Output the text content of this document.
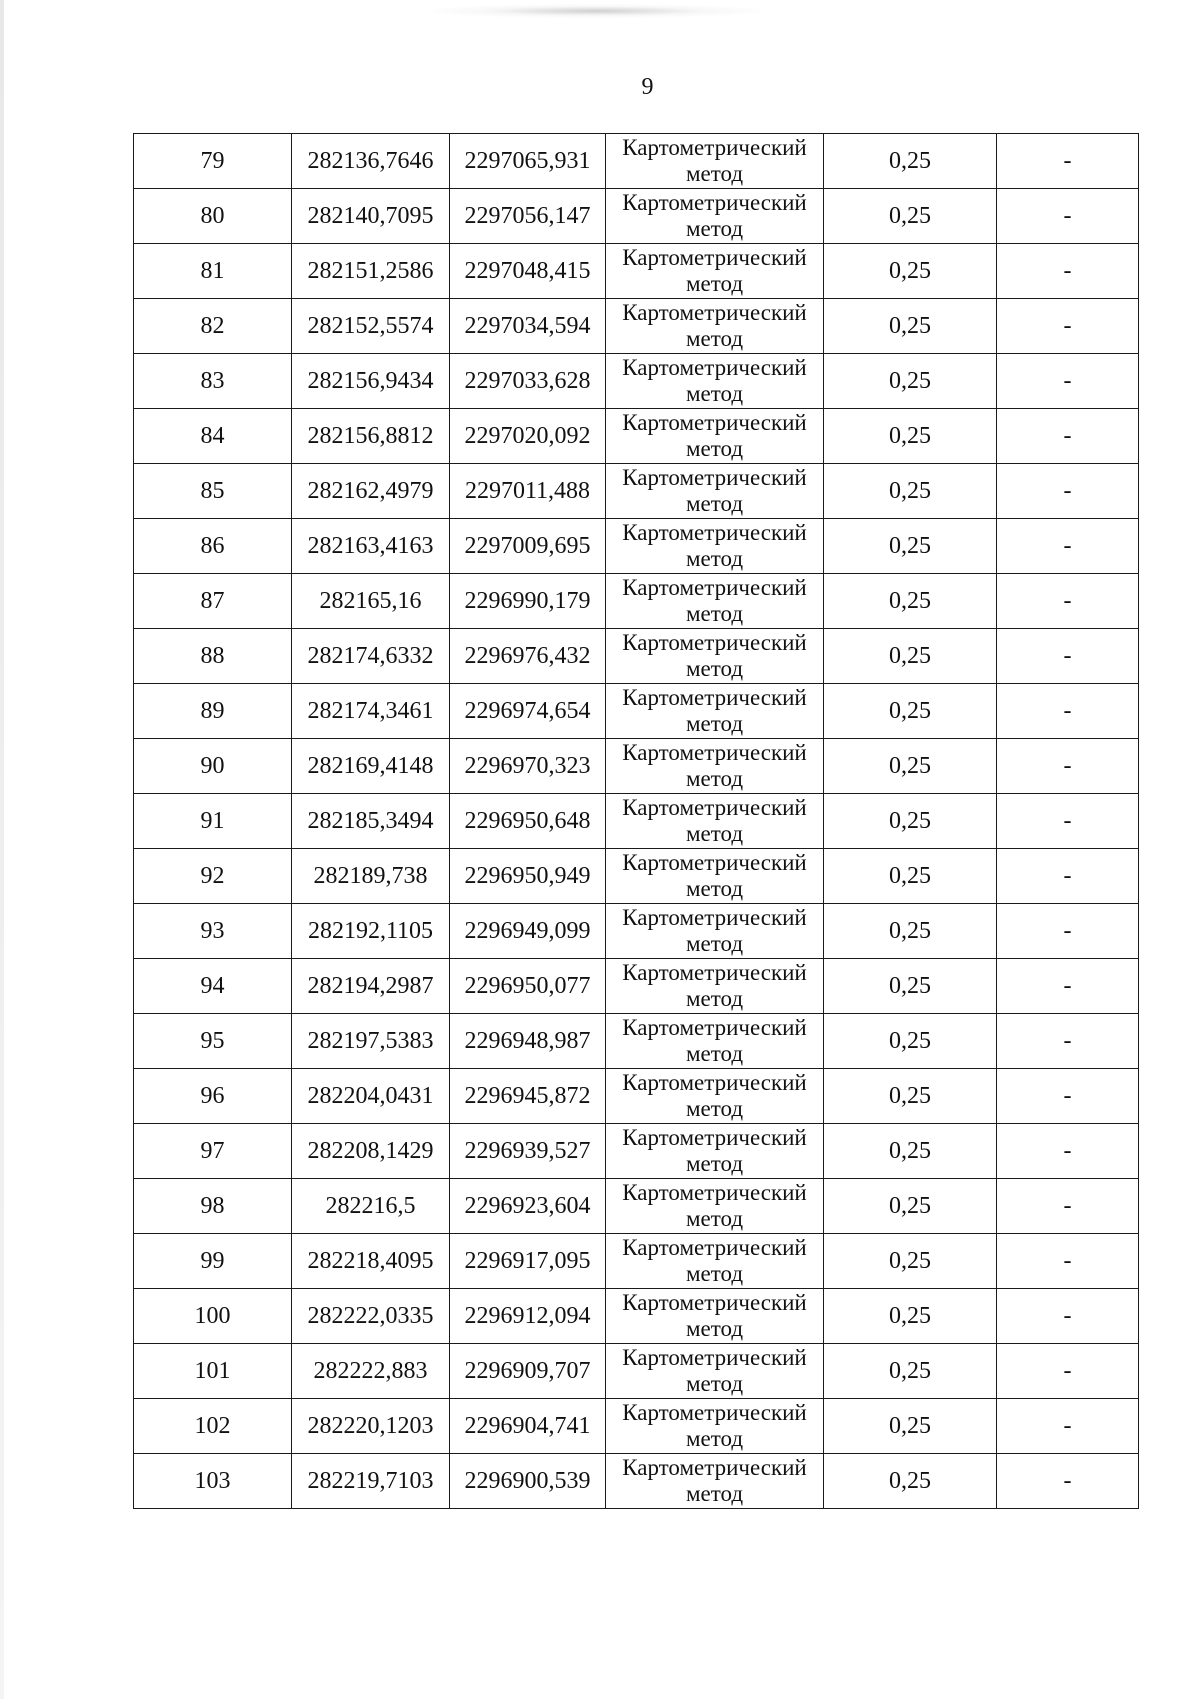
9
79	282136,7646	2297065,931	Картометрический метод	0,25	-
80	282140,7095	2297056,147	Картометрический метод	0,25	-
81	282151,2586	2297048,415	Картометрический метод	0,25	-
82	282152,5574	2297034,594	Картометрический метод	0,25	-
83	282156,9434	2297033,628	Картометрический метод	0,25	-
84	282156,8812	2297020,092	Картометрический метод	0,25	-
85	282162,4979	2297011,488	Картометрический метод	0,25	-
86	282163,4163	2297009,695	Картометрический метод	0,25	-
87	282165,16	2296990,179	Картометрический метод	0,25	-
88	282174,6332	2296976,432	Картометрический метод	0,25	-
89	282174,3461	2296974,654	Картометрический метод	0,25	-
90	282169,4148	2296970,323	Картометрический метод	0,25	-
91	282185,3494	2296950,648	Картометрический метод	0,25	-
92	282189,738	2296950,949	Картометрический метод	0,25	-
93	282192,1105	2296949,099	Картометрический метод	0,25	-
94	282194,2987	2296950,077	Картометрический метод	0,25	-
95	282197,5383	2296948,987	Картометрический метод	0,25	-
96	282204,0431	2296945,872	Картометрический метод	0,25	-
97	282208,1429	2296939,527	Картометрический метод	0,25	-
98	282216,5	2296923,604	Картометрический метод	0,25	-
99	282218,4095	2296917,095	Картометрический метод	0,25	-
100	282222,0335	2296912,094	Картометрический метод	0,25	-
101	282222,883	2296909,707	Картометрический метод	0,25	-
102	282220,1203	2296904,741	Картометрический метод	0,25	-
103	282219,7103	2296900,539	Картометрический метод	0,25	-
